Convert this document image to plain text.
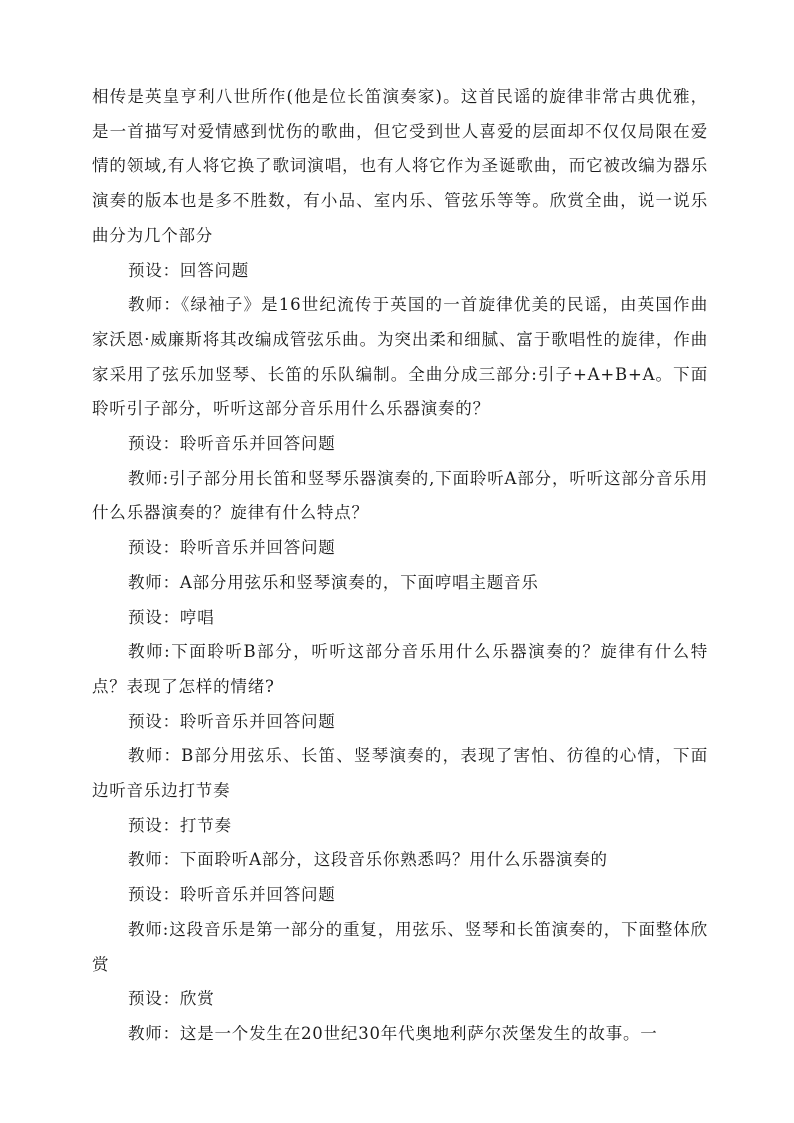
相传是英皇亨利八世所作(他是位长笛演奏家)。这首民谣的旋律非常古典优雅，是一首描写对爱情感到忧伤的歌曲，但它受到世人喜爱的层面却不仅仅局限在爱情的领域,有人将它换了歌词演唱，也有人将它作为圣诞歌曲，而它被改编为器乐演奏的版本也是多不胜数，有小品、室内乐、管弦乐等等。欣赏全曲，说一说乐曲分为几个部分

预设：回答问题

教师：《绿袖子》是16世纪流传于英国的一首旋律优美的民谣，由英国作曲家沃恩·威廉斯将其改编成管弦乐曲。为突出柔和细腻、富于歌唱性的旋律，作曲家采用了弦乐加竖琴、长笛的乐队编制。全曲分成三部分:引子+A+B+A。下面聆听引子部分，听听这部分音乐用什么乐器演奏的？

预设：聆听音乐并回答问题

教师:引子部分用长笛和竖琴乐器演奏的,下面聆听A部分，听听这部分音乐用什么乐器演奏的？旋律有什么特点？

预设：聆听音乐并回答问题

教师：A部分用弦乐和竖琴演奏的，下面哼唱主题音乐

预设：哼唱

教师:下面聆听B部分，听听这部分音乐用什么乐器演奏的？旋律有什么特点？表现了怎样的情绪?

预设：聆听音乐并回答问题

教师：B部分用弦乐、长笛、竖琴演奏的，表现了害怕、彷徨的心情，下面边听音乐边打节奏

预设：打节奏

教师：下面聆听A部分，这段音乐你熟悉吗？用什么乐器演奏的

预设：聆听音乐并回答问题

教师:这段音乐是第一部分的重复，用弦乐、竖琴和长笛演奏的，下面整体欣赏

预设：欣赏

教师：这是一个发生在20世纪30年代奥地利萨尔茨堡发生的故事。一
